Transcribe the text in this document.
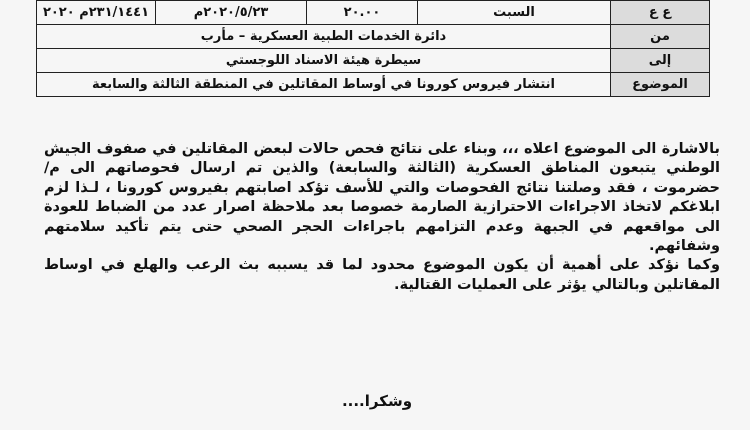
٢٣١/١٤٤١م ٢٠٢٠ ٢٠٢٠/٥/٢٣م ٢٠.٠٠ السبت	ع ع
دائرة الخدمات الطبية العسكرية – مأرب	من
سيطرة هيئة الاسناد اللوجستي	إلى
انتشار فيروس كورونا في أوساط المقاتلين في المنطقة الثالثة والسابعة	الموضوع

بالاشارة الى الموضوع اعلاه ،،، وبناء على نتائج فحص حالات لبعض المقاتلين في صفوف الجيش الوطني يتبعون المناطق العسكرية (الثالثة والسابعة) والذين تم ارسال فحوصاتهم الى م/حضرموت ، فقد وصلتنا نتائج الفحوصات والتي للأسف تؤكد اصابتهم بفيروس كورونا ، لـذا لزم ابلاغكم لاتخاذ الاجراءات الاحترازية الصارمة خصوصا بعد ملاحظة اصرار عدد من الضباط للعودة الى مواقعهم في الجبهة وعدم التزامهم باجراءات الحجر الصحي حتى يتم تأكيد سلامتهم وشفائهم.

وكما نؤكد على أهمية أن يكون الموضوع محدود لما قد يسببه بث الرعب والهلع في اوساط المقاتلين وبالتالي يؤثر على العمليات القتالية.

وشكرا....
